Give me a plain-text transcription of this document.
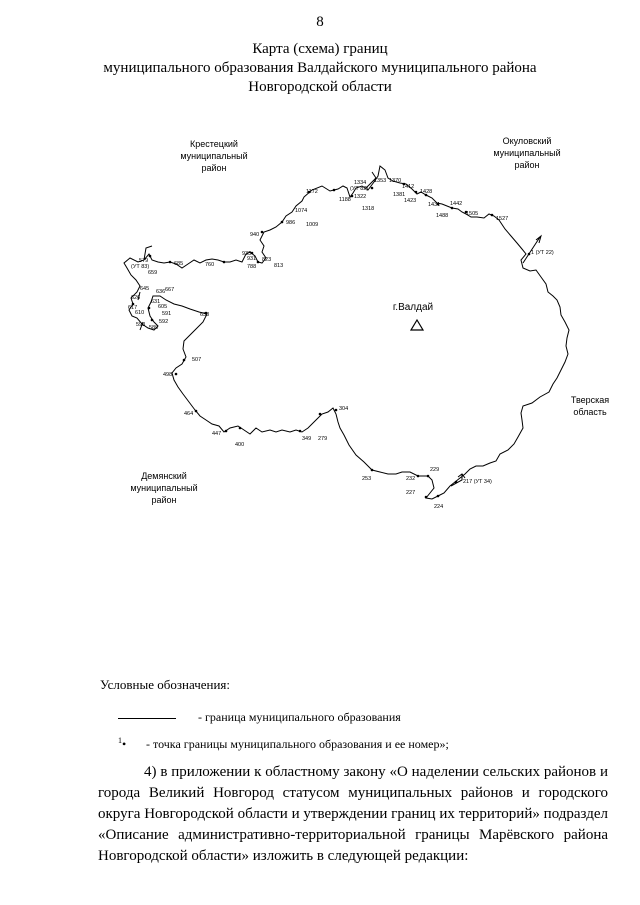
8
Карта (схема) границ
муниципального образования Валдайского муниципального района
Новгородской области
Крестецкий
муниципальный
район
Окуловский
муниципальный
район
Тверская
область
Демянский
муниципальный
район
г.Валдай
1 (УТ 22)
1527
1505
1488
1442
1431
1428
1423
1412
1381
1370
1353
1334
(УТ 82)
1322
1318
1188
1172
1074
1009
986
940
933
931 823
813
788
760
685
667
579
(УТ 83)
659
645 636
626
617
610
631
605
591
598	592
589
638
507
498
464
447
400
349 279
304
253	232
229
227
224
217 (УТ 34)
Условные обозначения:
- граница муниципального образования
$^1$• - точка границы муниципального образования и ее номер»;
4) в приложении к областному закону «О наделении сельских районов и города Великий Новгород статусом муниципальных районов и городского округа Новгородской области и утверждении границ их территорий» подраздел «Описание административно-территориальной границы Марёвского района Новгородской области» изложить в следующей редакции:
